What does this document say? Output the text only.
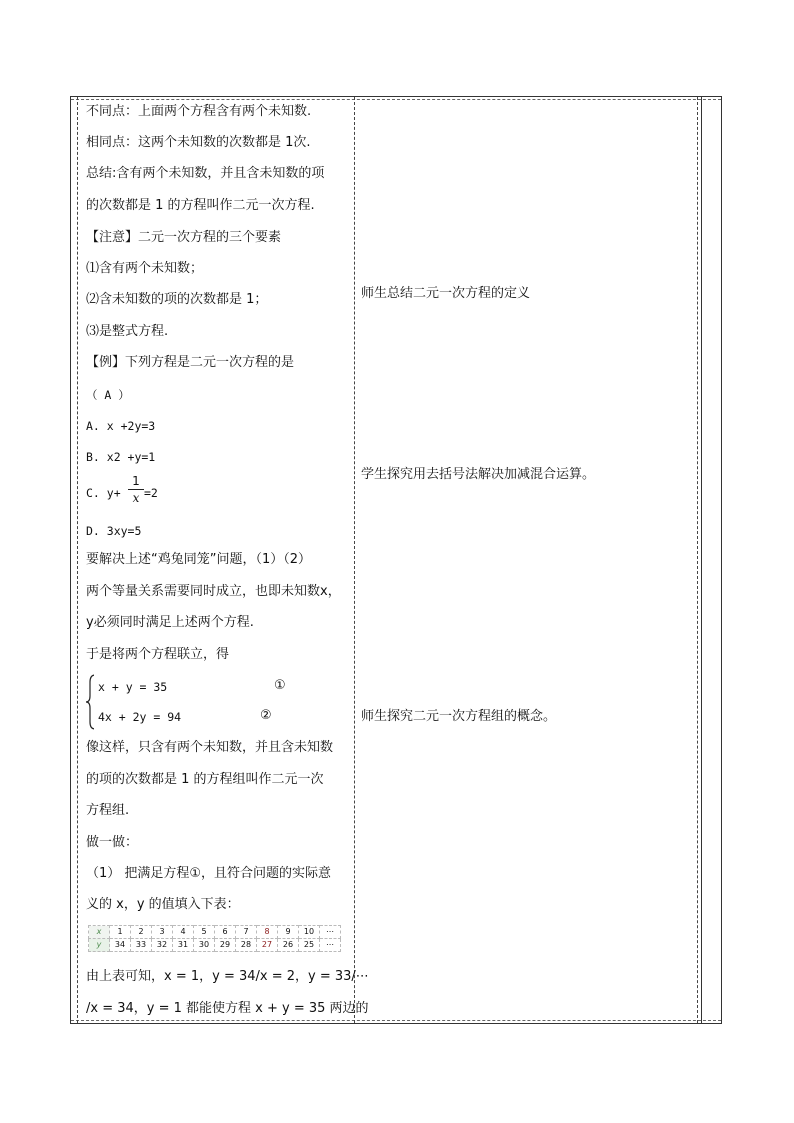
不同点：上面两个方程含有两个未知数.
相同点：这两个未知数的次数都是 1次.
总结:含有两个未知数，并且含未知数的项
的次数都是 1 的方程叫作二元一次方程.
【注意】二元一次方程的三个要素
⑴含有两个未知数；
⑵含未知数的项的次数都是 1；
⑶是整式方程.
【例】下列方程是二元一次方程的是
（ A ）
A. x +2y=3
B. x2 +y=1
C. y+
1
x =2
D. 3xy=5
要解决上述“鸡兔同笼”问题，（1）（2）
两个等量关系需要同时成立，也即未知数x，
y必须同时满足上述两个方程.
于是将两个方程联立，得
x + y = 35	①
4x + 2y = 94	②
像这样，只含有两个未知数，并且含未知数
的项的次数都是 1 的方程组叫作二元一次
方程组.
做一做：
（1） 把满足方程①，且符合问题的实际意
义的 x，y 的值填入下表：
由上表可知，x = 1，y = 34/x = 2，y = 33/⋯
/x = 34，y = 1 都能使方程 x + y = 35 两边的
x	1	2	3	4	5	6	7	8	9	10	⋯
y	34	33	32	31	30	29	28	27	26	25	⋯
师生总结二元一次方程的定义
学生探究用去括号法解决加减混合运算。
师生探究二元一次方程组的概念。
